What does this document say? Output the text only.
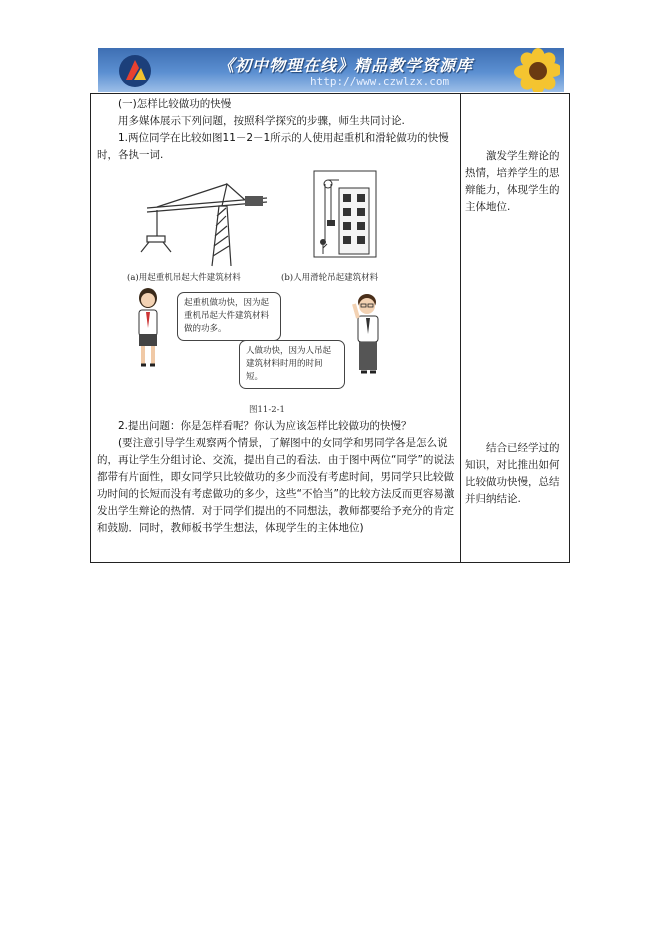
《初中物理在线》精品教学资源库
http://www.czwlzx.com

(一)怎样比较做功的快慢

用多媒体展示下列问题，按照科学探究的步骤，师生共同讨论.

1.两位同学在比较如图11－2－1所示的人使用起重机和滑轮做功的快慢时，各执一词.

(a)用起重机吊起大件建筑材料	(b)人用滑轮吊起建筑材料
起重机做功快，因为起重机吊起大件建筑材料做的功多。
人做功快，因为人吊起建筑材料时用的时间短。
图11-2-1

2.提出问题：你是怎样看呢？你认为应该怎样比较做功的快慢？

(要注意引导学生观察两个情景，了解图中的女同学和男同学各是怎么说的，再让学生分组讨论、交流，提出自己的看法．由于图中两位“同学”的说法都带有片面性，即女同学只比较做功的多少而没有考虑时间，男同学只比较做功时间的长短而没有考虑做功的多少，这些“不恰当”的比较方法反而更容易激发出学生辩论的热情．对于同学们提出的不同想法，教师都要给予充分的肯定和鼓励．同时，教师板书学生想法，体现学生的主体地位)

激发学生辩论的热情，培养学生的思辩能力，体现学生的主体地位.

结合已经学过的知识，对比推出如何比较做功快慢，总结并归纳结论.
